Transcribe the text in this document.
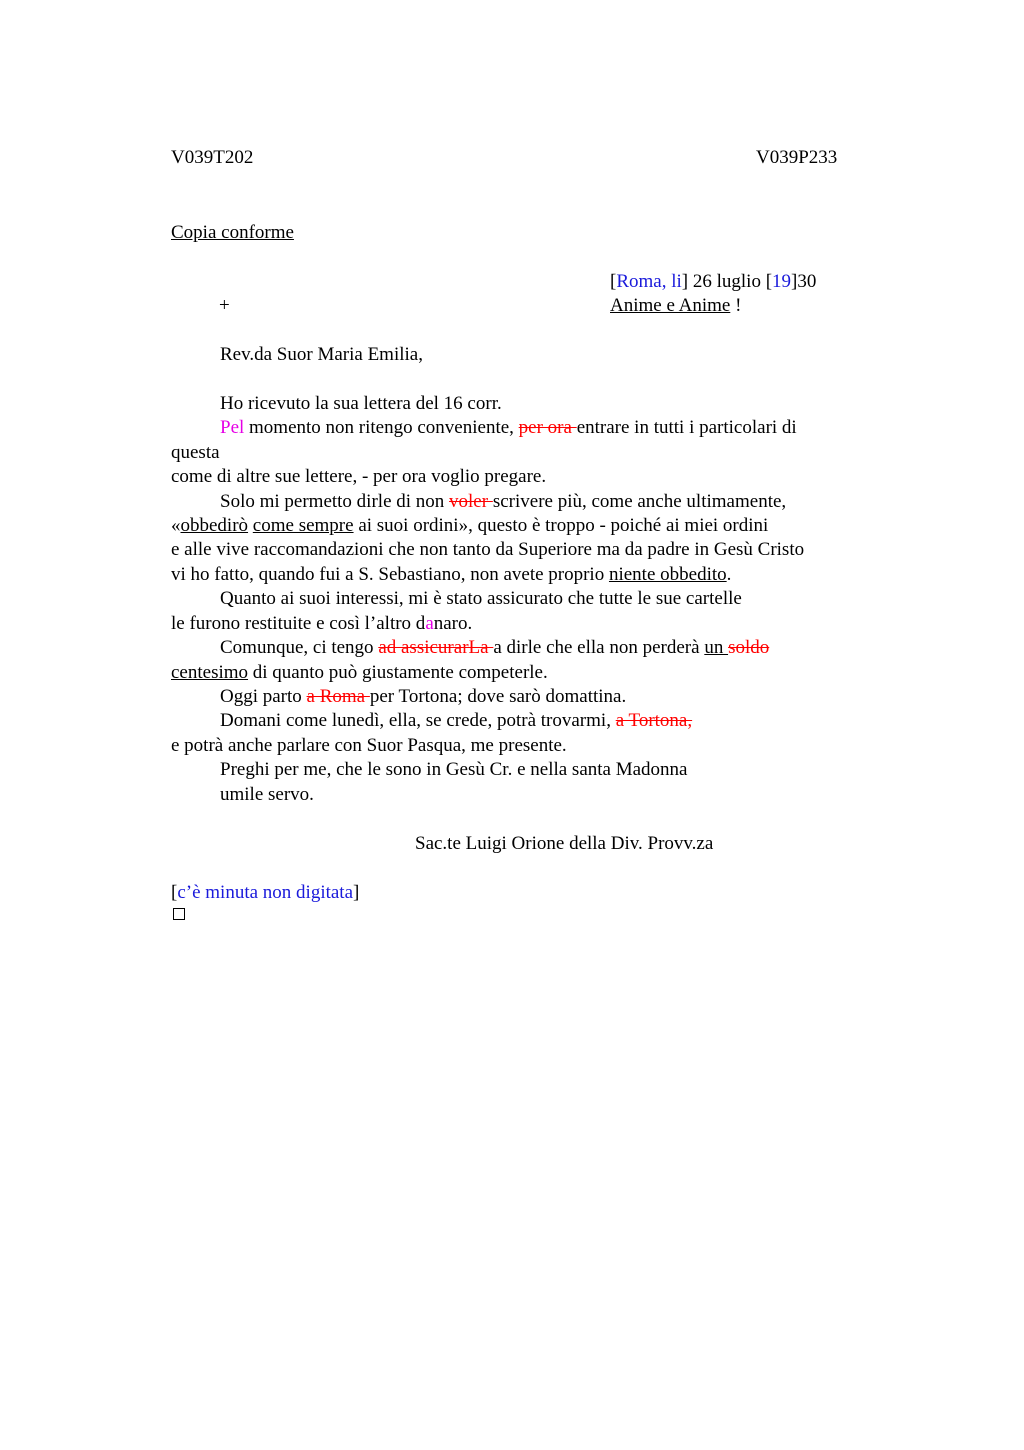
V039T202	V039P233
Copia conforme
[Roma, li] 26 luglio [19]30
+	Anime e Anime !
Rev.da Suor Maria Emilia,
Ho ricevuto la sua lettera del 16 corr.
Pel momento non ritengo conveniente, per ora entrare in tutti i particolari di
questa
come di altre sue lettere, - per ora voglio pregare.
Solo mi permetto dirle di non voler scrivere più, come anche ultimamente,
«obbedirò come sempre ai suoi ordini», questo è troppo - poiché ai miei ordini
e alle vive raccomandazioni che non tanto da Superiore ma da padre in Gesù Cristo
vi ho fatto, quando fui a S. Sebastiano, non avete proprio niente obbedito.
Quanto ai suoi interessi, mi è stato assicurato che tutte le sue cartelle
le furono restituite e così l’altro danaro.
Comunque, ci tengo ad assicurarLa a dirle che ella non perderà un soldo
centesimo di quanto può giustamente competerle.
Oggi parto a Roma per Tortona; dove sarò domattina.
Domani come lunedì, ella, se crede, potrà trovarmi, a Tortona,
e potrà anche parlare con Suor Pasqua, me presente.
Preghi per me, che le sono in Gesù Cr. e nella santa Madonna
umile servo.
Sac.te Luigi Orione della Div. Provv.za
[c’è minuta non digitata]
